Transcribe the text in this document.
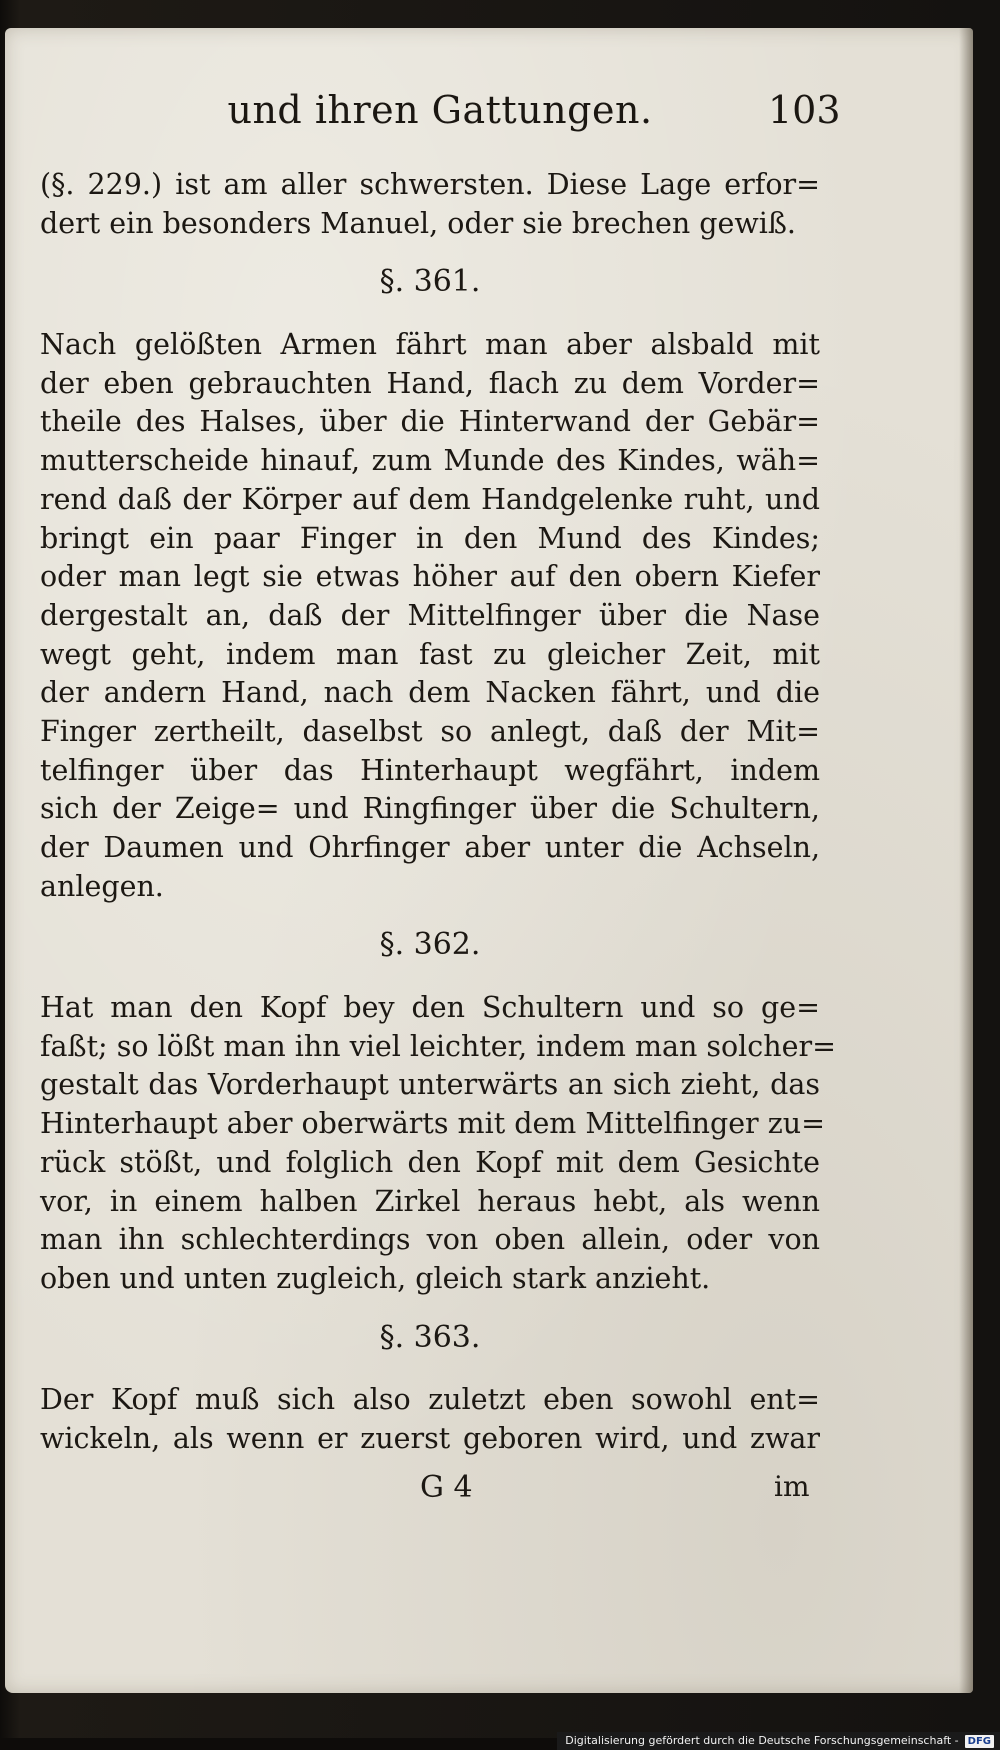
und ihren Gattungen.	103
(§. 229.) ist am aller schwersten. Diese Lage erfor=
dert ein besonders Manuel, oder sie brechen gewiß.
§. 361.
Nach gelößten Armen fährt man aber alsbald mit
der eben gebrauchten Hand, flach zu dem Vorder=
theile des Halses, über die Hinterwand der Gebär=
mutterscheide hinauf, zum Munde des Kindes, wäh=
rend daß der Körper auf dem Handgelenke ruht, und
bringt ein paar Finger in den Mund des Kindes;
oder man legt sie etwas höher auf den obern Kiefer
dergestalt an, daß der Mittelfinger über die Nase
wegt geht, indem man fast zu gleicher Zeit, mit
der andern Hand, nach dem Nacken fährt, und die
Finger zertheilt, daselbst so anlegt, daß der Mit=
telfinger über das Hinterhaupt wegfährt, indem
sich der Zeige= und Ringfinger über die Schultern,
der Daumen und Ohrfinger aber unter die Achseln,
anlegen.
§. 362.
Hat man den Kopf bey den Schultern und so ge=
faßt; so lößt man ihn viel leichter, indem man solcher=
gestalt das Vorderhaupt unterwärts an sich zieht, das
Hinterhaupt aber oberwärts mit dem Mittelfinger zu=
rück stößt, und folglich den Kopf mit dem Gesichte
vor, in einem halben Zirkel heraus hebt, als wenn
man ihn schlechterdings von oben allein, oder von
oben und unten zugleich, gleich stark anzieht.
§. 363.
Der Kopf muß sich also zuletzt eben sowohl ent=
wickeln, als wenn er zuerst geboren wird, und zwar
G 4	im
Digitalisierung gefördert durch die Deutsche Forschungsgemeinschaft - DFG
